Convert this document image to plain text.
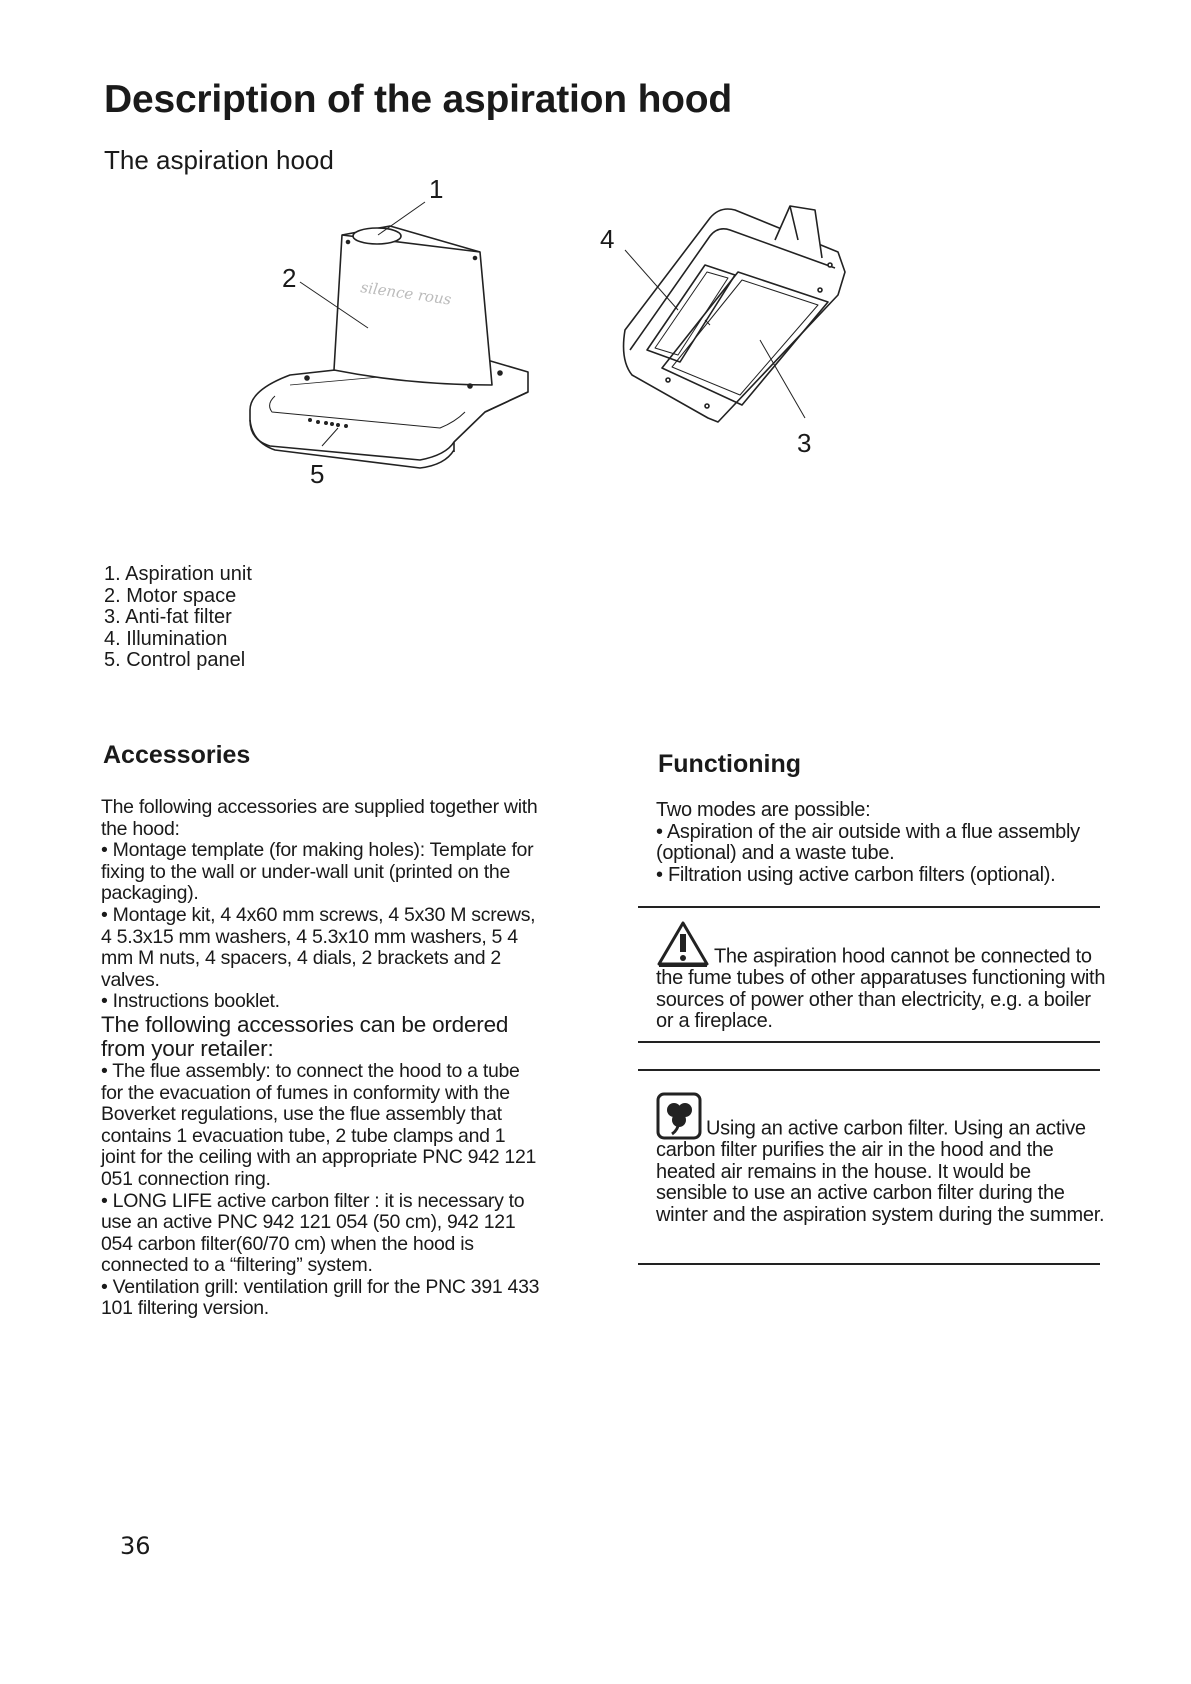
Description of the aspiration hood
The aspiration hood
silence rous
1
2
3
4
5
1. Aspiration unit
2. Motor space
3. Anti-fat filter
4. Illumination
5. Control panel
Accessories

The following accessories are supplied together with the hood:

• Montage template (for making holes): Template for fixing to the wall or under-wall unit (printed on the packaging).

• Montage kit, 4 4x60 mm screws, 4 5x30 M screws, 4 5.3x15 mm washers, 4 5.3x10 mm washers, 5 4 mm M nuts, 4 spacers, 4 dials, 2 brackets and 2 valves.

• Instructions booklet.

The following accessories can be ordered from your retailer:

• The flue assembly: to connect the hood to a tube for the evacuation of fumes in conformity with the Boverket regulations, use the flue assembly that contains 1 evacuation tube, 2 tube clamps and 1 joint for the ceiling with an appropriate PNC 942 121 051 connection ring.

• LONG LIFE active carbon filter : it is necessary to use an active PNC 942 121 054 (50 cm), 942 121 054 carbon filter(60/70 cm) when the hood is connected to a “filtering” system.

• Ventilation grill: ventilation grill for the PNC 391 433 101 filtering version.

Functioning

Two modes are possible:

• Aspiration of the air outside with a flue assembly (optional) and a waste tube.

• Filtration using active carbon filters (optional).

The aspiration hood cannot be connected to the fume tubes of other apparatuses functioning with sources of power other than electricity, e.g. a boiler or a fireplace.
Using an active carbon filter. Using an active carbon filter purifies the air in the hood and the heated air remains in the house. It would be sensible to use an active carbon filter during the winter and the aspiration system during the summer.
36
